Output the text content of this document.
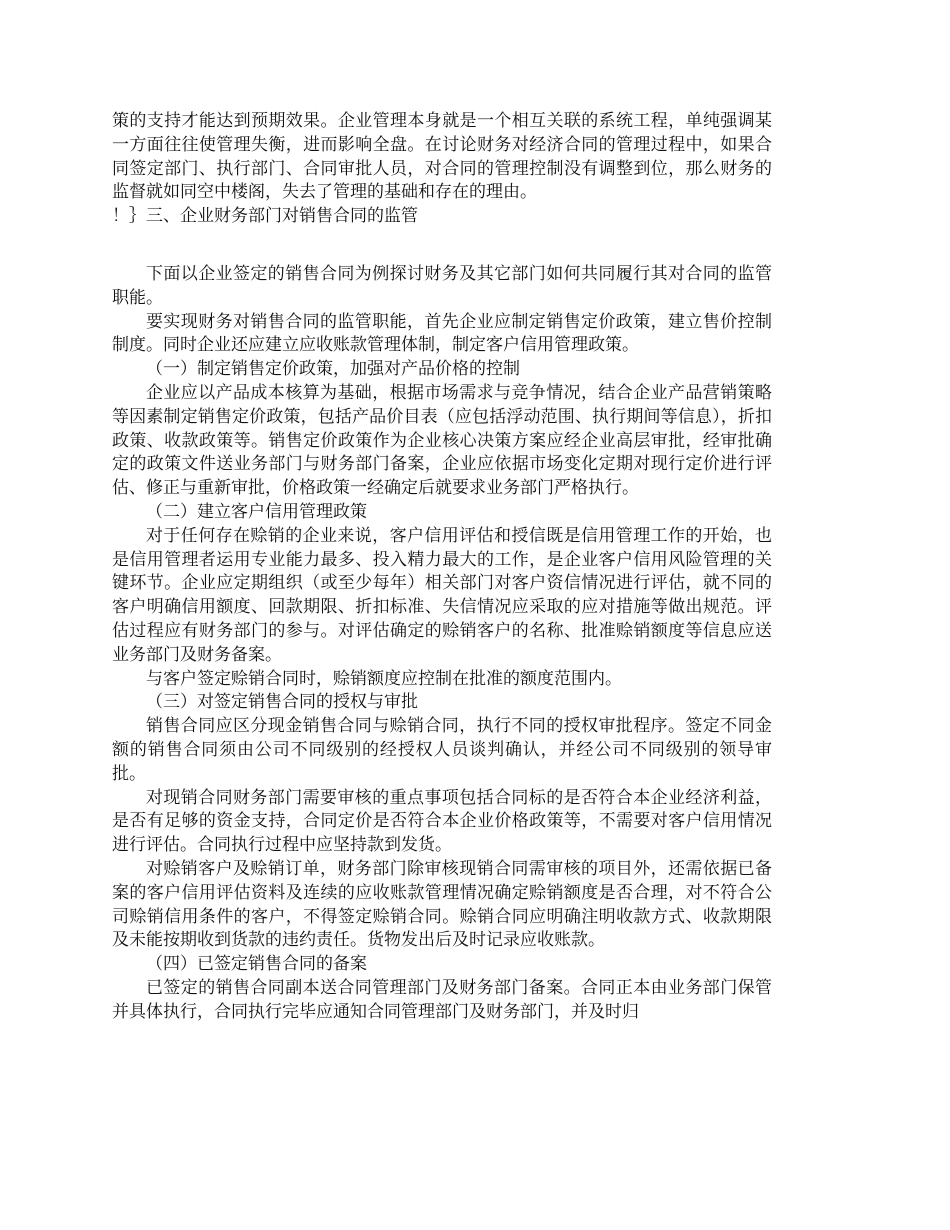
策的支持才能达到预期效果。企业管理本身就是一个相互关联的系统工程，单纯强调某一方面往往使管理失衡，进而影响全盘。在讨论财务对经济合同的管理过程中，如果合同签定部门、执行部门、合同审批人员，对合同的管理控制没有调整到位，那么财务的监督就如同空中楼阁，失去了管理的基础和存在的理由。

！｝三、企业财务部门对销售合同的监管

下面以企业签定的销售合同为例探讨财务及其它部门如何共同履行其对合同的监管职能。

要实现财务对销售合同的监管职能，首先企业应制定销售定价政策，建立售价控制制度。同时企业还应建立应收账款管理体制，制定客户信用管理政策。

（一）制定销售定价政策，加强对产品价格的控制

企业应以产品成本核算为基础，根据市场需求与竞争情况，结合企业产品营销策略等因素制定销售定价政策，包括产品价目表（应包括浮动范围、执行期间等信息），折扣政策、收款政策等。销售定价政策作为企业核心决策方案应经企业高层审批，经审批确定的政策文件送业务部门与财务部门备案，企业应依据市场变化定期对现行定价进行评估、修正与重新审批，价格政策一经确定后就要求业务部门严格执行。

（二）建立客户信用管理政策

对于任何存在赊销的企业来说，客户信用评估和授信既是信用管理工作的开始，也是信用管理者运用专业能力最多、投入精力最大的工作，是企业客户信用风险管理的关键环节。企业应定期组织（或至少每年）相关部门对客户资信情况进行评估，就不同的客户明确信用额度、回款期限、折扣标准、失信情况应采取的应对措施等做出规范。评估过程应有财务部门的参与。对评估确定的赊销客户的名称、批准赊销额度等信息应送业务部门及财务备案。

与客户签定赊销合同时，赊销额度应控制在批准的额度范围内。

（三）对签定销售合同的授权与审批

销售合同应区分现金销售合同与赊销合同，执行不同的授权审批程序。签定不同金额的销售合同须由公司不同级别的经授权人员谈判确认，并经公司不同级别的领导审批。

对现销合同财务部门需要审核的重点事项包括合同标的是否符合本企业经济利益，是否有足够的资金支持，合同定价是否符合本企业价格政策等，不需要对客户信用情况进行评估。合同执行过程中应坚持款到发货。

对赊销客户及赊销订单，财务部门除审核现销合同需审核的项目外，还需依据已备案的客户信用评估资料及连续的应收账款管理情况确定赊销额度是否合理，对不符合公司赊销信用条件的客户，不得签定赊销合同。赊销合同应明确注明收款方式、收款期限及未能按期收到货款的违约责任。货物发出后及时记录应收账款。

（四）已签定销售合同的备案

已签定的销售合同副本送合同管理部门及财务部门备案。合同正本由业务部门保管并具体执行，合同执行完毕应通知合同管理部门及财务部门，并及时归
